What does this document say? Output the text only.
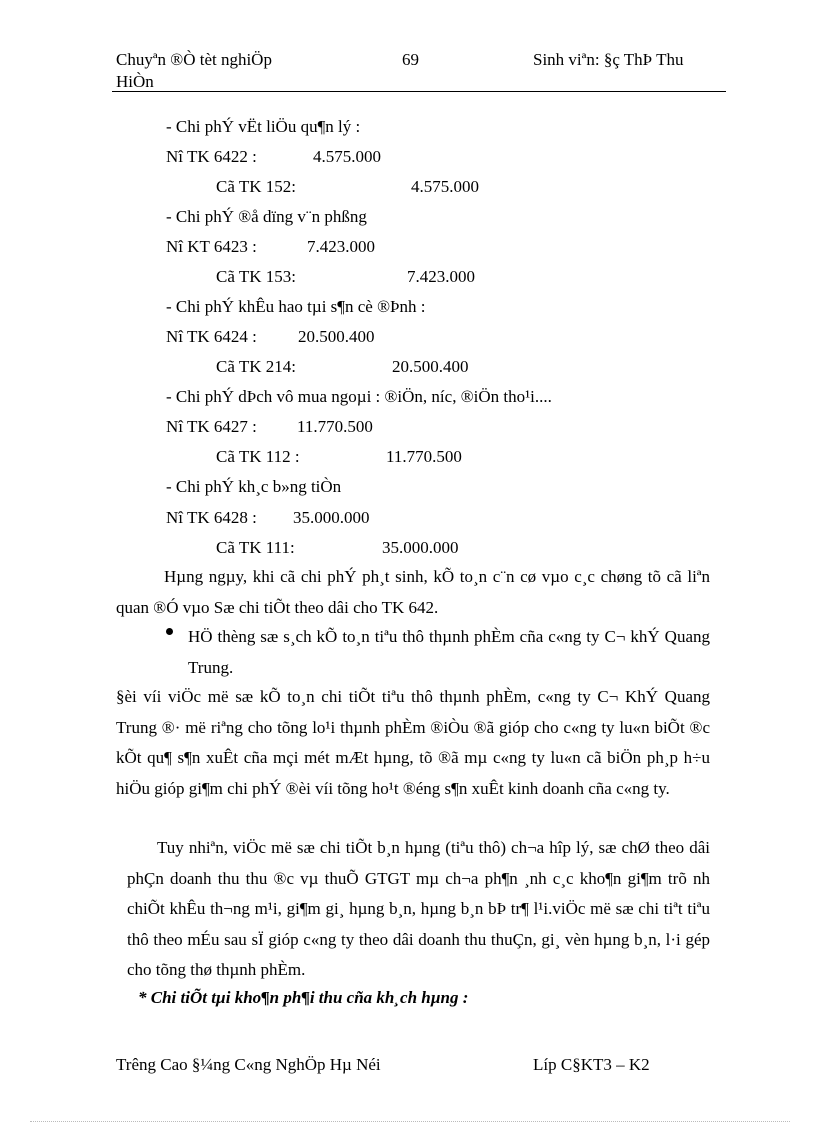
Chuyªn ®Ò tèt nghiÖp
HiÒn
69	Sinh viªn: §ç ThÞ Thu
- Chi phÝ vËt liÖu qu¶n lý :
Nî TK 6422 :	4.575.000
Cã TK 152:	4.575.000
- Chi phÝ ®å dïng v¨n phßng
Nî KT 6423 :	7.423.000
Cã TK 153:	7.423.000
- Chi phÝ khÊu hao tµi s¶n cè ®Þnh :
Nî TK 6424 : 20.500.400
Cã TK 214:	20.500.400
- Chi phÝ dÞch vô mua ngoµi : ®iÖn, níc, ®iÖn tho¹i....
Nî TK 6427 : 11.770.500
Cã TK 112 :	11.770.500
- Chi phÝ kh¸c b»ng tiÒn
Nî TK 6428 : 35.000.000
Cã TK 111:	35.000.000
Hµng ngµy, khi cã chi phÝ ph¸t sinh, kÕ to¸n c¨n cø vµo c¸c chøng tõ cã liªn quan ®Ó vµo Sæ chi tiÕt theo dâi cho TK 642.
HÖ thèng sæ s¸ch kÕ to¸n tiªu thô thµnh phÈm cña c«ng ty C¬ khÝ Quang Trung.
§èi víi viÖc më sæ kÕ to¸n chi tiÕt tiªu thô thµnh phÈm, c«ng ty C¬ KhÝ Quang Trung ®· më riªng cho tõng lo¹i thµnh phÈm ®iÒu ®ã gióp cho c«ng ty lu«n biÕt ®c kÕt qu¶ s¶n xuÊt cña mçi mét mÆt hµng, tõ ®ã mµ c«ng ty lu«n cã biÖn ph¸p h÷u hiÖu gióp gi¶m chi phÝ ®èi víi tõng ho¹t ®éng s¶n xuÊt kinh doanh cña c«ng ty.
Tuy nhiªn, viÖc më sæ chi tiÕt b¸n hµng (tiªu thô) ch¬a hîp lý, sæ chØ theo dâi phÇn doanh thu thu ®c vµ thuÕ GTGT mµ ch¬a ph¶n ¸nh c¸c kho¶n gi¶m trõ nh chiÕt khÊu th¬ng m¹i, gi¶m gi¸ hµng b¸n, hµng b¸n bÞ tr¶ l¹i.viÖc më sæ chi tiªt tiªu thô theo mÉu sau sÏ gióp c«ng ty theo dâi doanh thu thuÇn, gi¸ vèn hµng b¸n, l·i gép cho tõng thø thµnh phÈm.
* Chi tiÕt tµi kho¶n ph¶i thu cña kh¸ch hµng :
Trêng Cao §¼ng C«ng NghÖp Hµ Néi	Líp C§KT3 – K2
